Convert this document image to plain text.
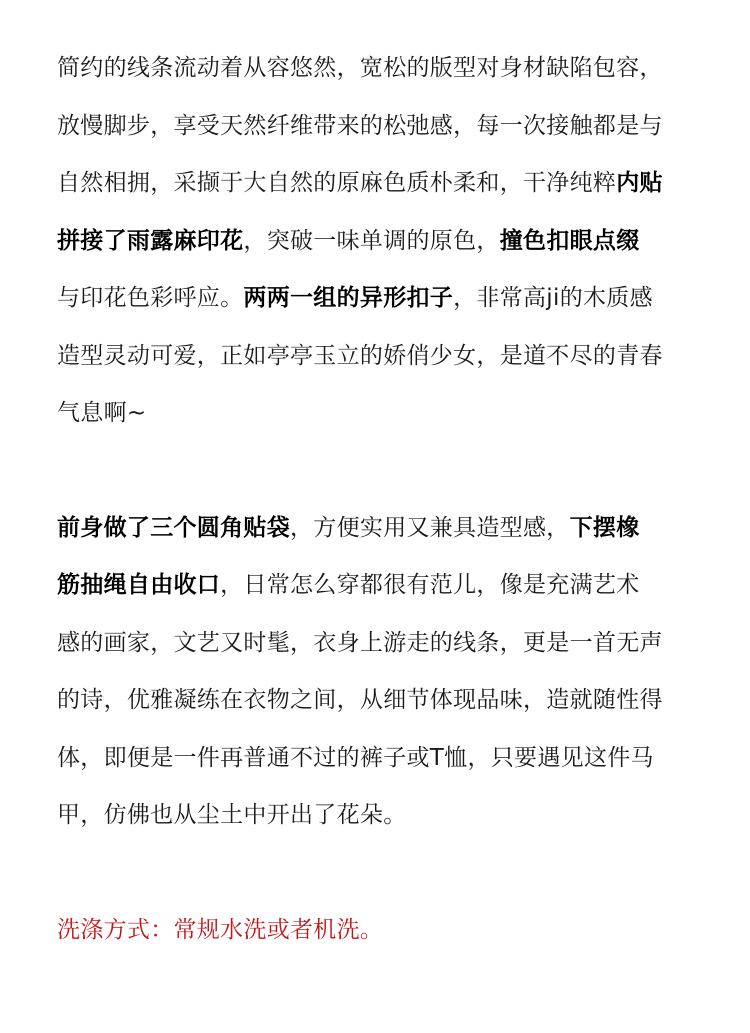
简约的线条流动着从容悠然，宽松的版型对身材缺陷包容，
放慢脚步，享受天然纤维带来的松弛感，每一次接触都是与
自然相拥，采撷于大自然的原麻色质朴柔和，干净纯粹内贴
拼接了雨露麻印花，突破一味单调的原色，撞色扣眼点缀
与印花色彩呼应。两两一组的异形扣子，非常高ji的木质感
造型灵动可爱，正如亭亭玉立的娇俏少女，是道不尽的青春
气息啊~

前身做了三个圆角贴袋，方便实用又兼具造型感，下摆橡
筋抽绳自由收口，日常怎么穿都很有范儿，像是充满艺术
感的画家，文艺又时髦，衣身上游走的线条，更是一首无声
的诗，优雅凝练在衣物之间，从细节体现品味，造就随性得
体，即便是一件再普通不过的裤子或T恤，只要遇见这件马
甲，仿佛也从尘土中开出了花朵。

洗涤方式：常规水洗或者机洗。
